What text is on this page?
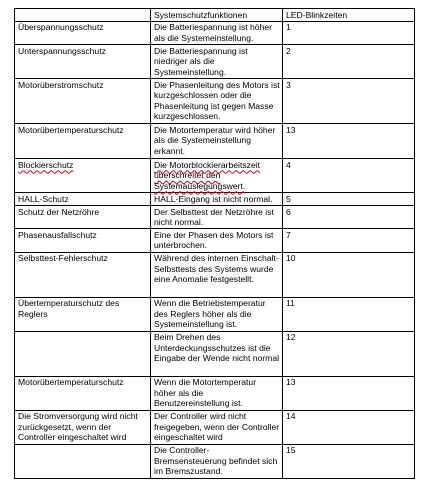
	Systemschutzfunktionen	LED-Blinkzeiten
Überspannungsschutz	Die Batteriespannung ist höher als die Systemeinstellung.	1
Unterspannungsschutz	Die Batteriespannung ist niedriger als die Systemeinstellung.	2
Motorüberstromschutz	Die Phasenleitung des Motors ist kurzgeschlossen oder die Phasenleitung ist gegen Masse kurzgeschlossen.	3
Motorübertemperaturschutz	Die Motortemperatur wird höher als die Systemeinstellung erkannt.	13
Blockierschutz	Die Motorblockierarbeitszeit überschreitet den Systemauslegungswert.	4
HALL-Schutz	HALL-Eingang ist nicht normal.	5
Schutz der Netzröhre	Der Selbsttest der Netzröhre ist nicht normal.	6
Phasenausfallschutz	Eine der Phasen des Motors ist unterbrochen.	7
Selbsttest-Fehlerschutz	Während des internen Einschalt-Selbsttests des Systems wurde eine Anomalie festgestellt.	10
Übertemperaturschutz des Reglers	Wenn die Betriebstemperatur des Reglers höher als die Systemeinstellung ist.	11
	Beim Drehen des Unterdeckungsschutzes ist die Eingabe der Wende nicht normal	12
Motorübertemperaturschutz	Wenn die Motortemperatur höher als die Benutzereinstellung ist.	13
Die Stromversorgung wird nicht zurückgesetzt, wenn der Controller eingeschaltet wird	Der Controller wird nicht freigegeben, wenn der Controller eingeschaltet wird	14
	Die Controller-Bremsensteuerung befindet sich im Bremszustand.	15
